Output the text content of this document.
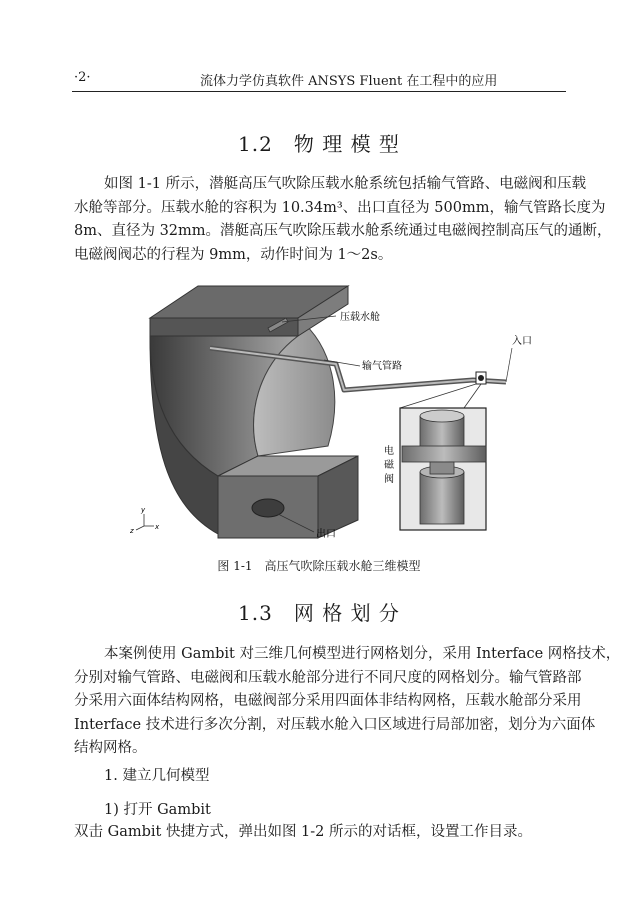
·2·	流体力学仿真软件 ANSYS Fluent 在工程中的应用
1.2　物 理 模 型
如图 1-1 所示，潜艇高压气吹除压载水舱系统包括输气管路、电磁阀和压载
水舱等部分。压载水舱的容积为 10.34m³、出口直径为 500mm，输气管路长度为
8m、直径为 32mm。潜艇高压气吹除压载水舱系统通过电磁阀控制高压气的通断，
电磁阀阀芯的行程为 9mm，动作时间为 1～2s。
压载水舱
输气管路
入口
电
磁
阀
出口
y
x
z
图 1-1　高压气吹除压载水舱三维模型
1.3　网 格 划 分
本案例使用 Gambit 对三维几何模型进行网格划分，采用 Interface 网格技术，
分别对输气管路、电磁阀和压载水舱部分进行不同尺度的网格划分。输气管路部
分采用六面体结构网格，电磁阀部分采用四面体非结构网格，压载水舱部分采用
Interface 技术进行多次分割，对压载水舱入口区域进行局部加密，划分为六面体
结构网格。
1. 建立几何模型
1) 打开 Gambit
双击 Gambit 快捷方式，弹出如图 1-2 所示的对话框，设置工作目录。
